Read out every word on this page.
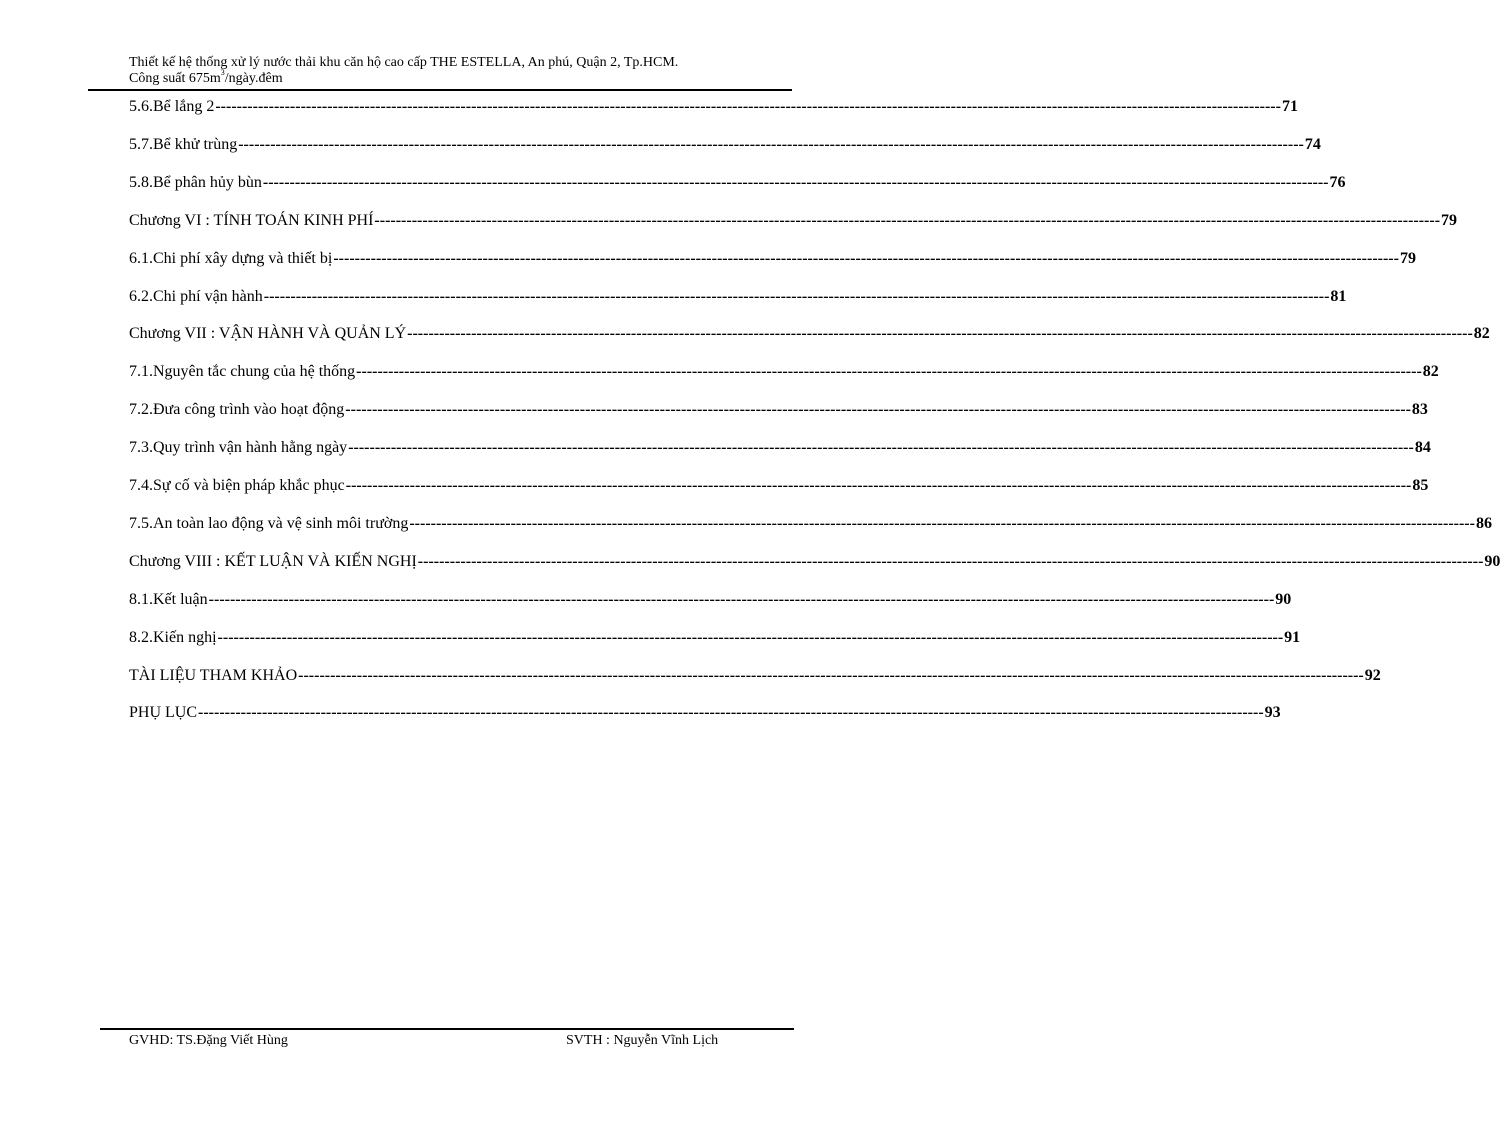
Thiết kế hệ thống xử lý nước thải khu căn hộ cao cấp THE ESTELLA, An phú, Quận 2, Tp.HCM.
Công suất $675m^3/ngày.đêm$
5.6.Bể lắng 2 -------------------------------------------------------------------------------------------------------------------------------------------------------------------------------------------------------- 71
5.7.Bể khử trùng -------------------------------------------------------------------------------------------------------------------------------------------------------------------------------------------------------- 74
5.8.Bể phân hủy bùn -------------------------------------------------------------------------------------------------------------------------------------------------------------------------------------------------------- 76
Chương VI : TÍNH TOÁN KINH PHÍ -------------------------------------------------------------------------------------------------------------------------------------------------------------------------------------------------------- 79
6.1.Chi phí xây dựng và thiết bị -------------------------------------------------------------------------------------------------------------------------------------------------------------------------------------------------------- 79
6.2.Chi phí vận hành -------------------------------------------------------------------------------------------------------------------------------------------------------------------------------------------------------- 81
Chương VII : VẬN HÀNH VÀ QUẢN LÝ -------------------------------------------------------------------------------------------------------------------------------------------------------------------------------------------------------- 82
7.1.Nguyên tắc chung của hệ thống -------------------------------------------------------------------------------------------------------------------------------------------------------------------------------------------------------- 82
7.2.Đưa công trình vào hoạt động -------------------------------------------------------------------------------------------------------------------------------------------------------------------------------------------------------- 83
7.3.Quy trình vận hành hằng ngày -------------------------------------------------------------------------------------------------------------------------------------------------------------------------------------------------------- 84
7.4.Sự cố và biện pháp khắc phục -------------------------------------------------------------------------------------------------------------------------------------------------------------------------------------------------------- 85
7.5.An toàn lao động và vệ sinh môi trường -------------------------------------------------------------------------------------------------------------------------------------------------------------------------------------------------------- 86
Chương VIII : KẾT LUẬN VÀ KIẾN NGHỊ -------------------------------------------------------------------------------------------------------------------------------------------------------------------------------------------------------- 90
8.1.Kết luận -------------------------------------------------------------------------------------------------------------------------------------------------------------------------------------------------------- 90
8.2.Kiến nghị -------------------------------------------------------------------------------------------------------------------------------------------------------------------------------------------------------- 91
TÀI LIỆU THAM KHẢO -------------------------------------------------------------------------------------------------------------------------------------------------------------------------------------------------------- 92
PHỤ LỤC -------------------------------------------------------------------------------------------------------------------------------------------------------------------------------------------------------- 93
GVHD: TS.Đặng Viết Hùng	SVTH : Nguyễn Vĩnh Lịch
